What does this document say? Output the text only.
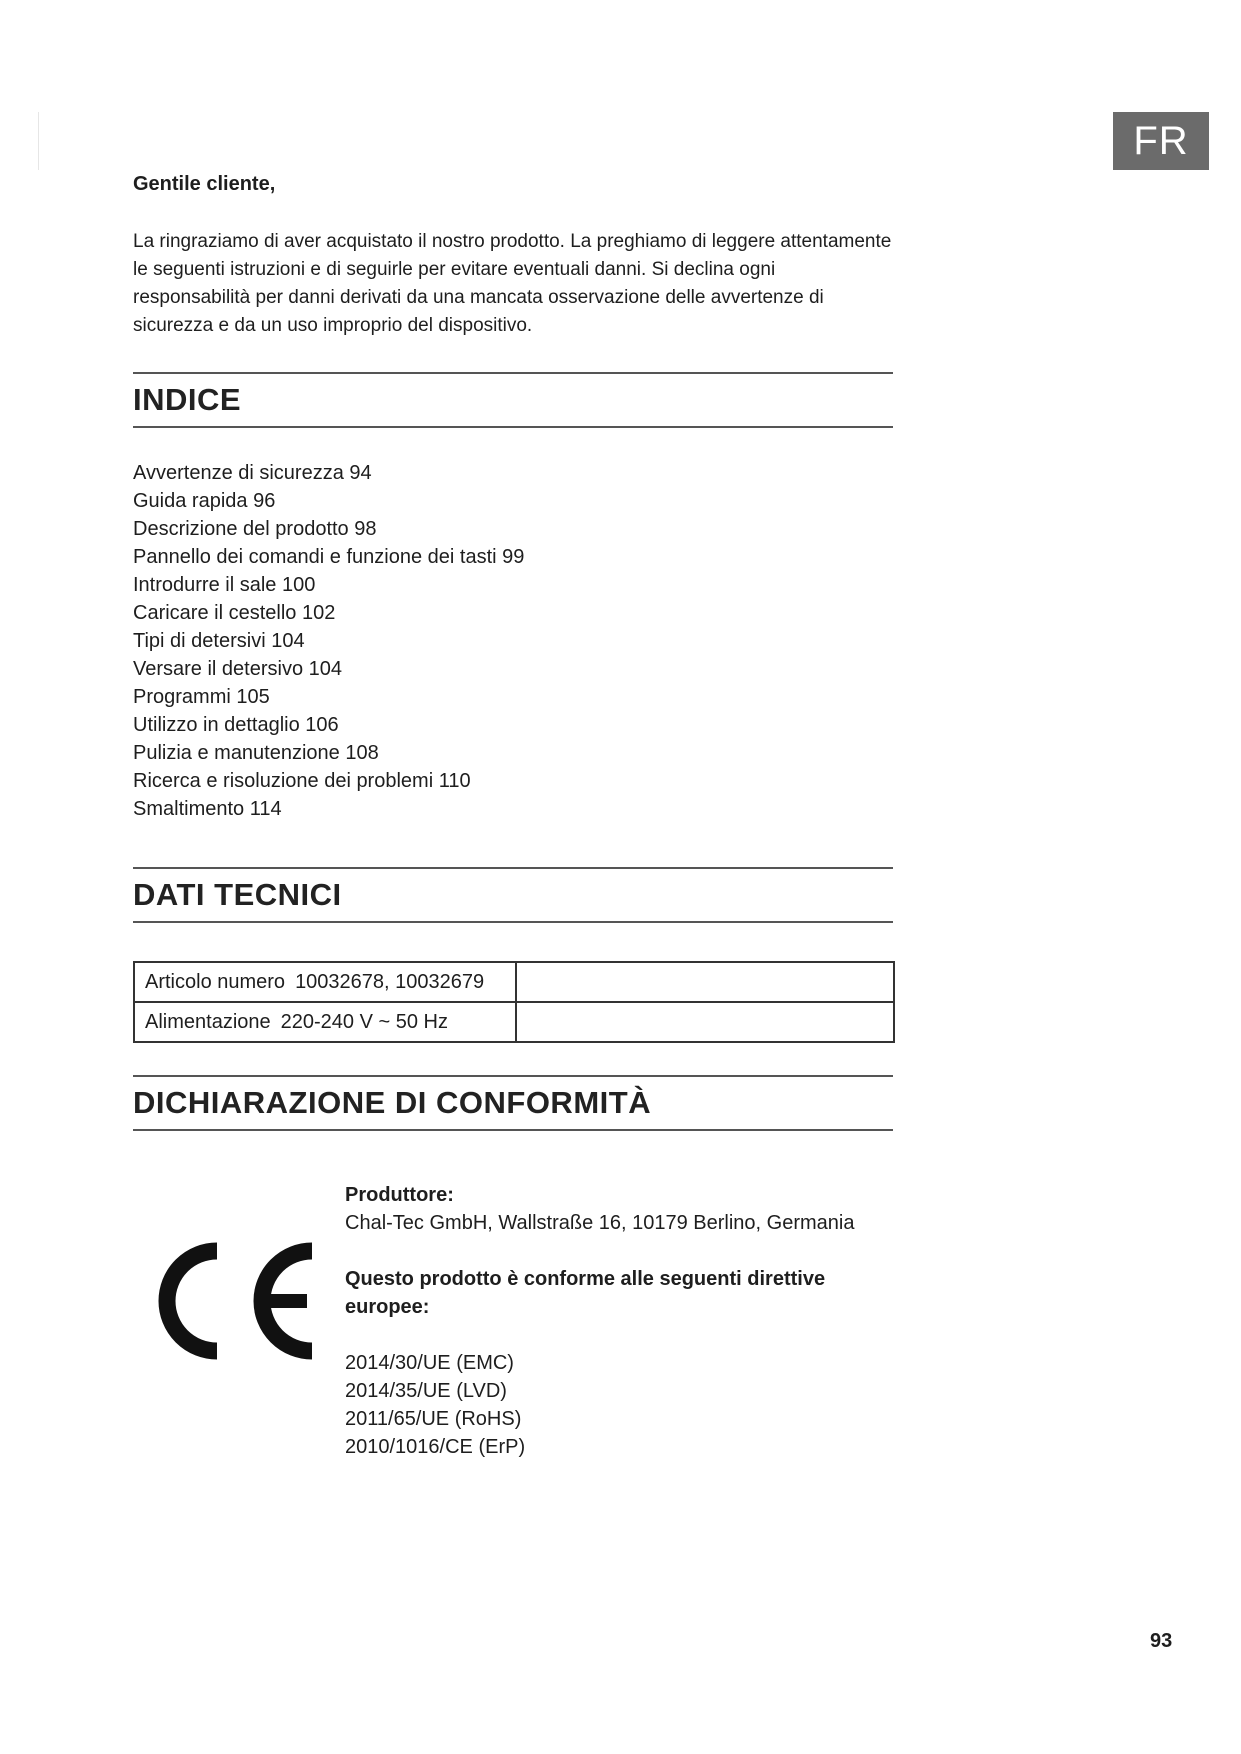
FR

Gentile cliente,

La ringraziamo di aver acquistato il nostro prodotto. La preghiamo di leggere attentamente le seguenti istruzioni e di seguirle per evitare eventuali danni. Si declina ogni responsabilità per danni derivati da una mancata osservazione delle avvertenze di sicurezza e da un uso improprio del dispositivo.

INDICE
Avvertenze di sicurezza 94
Guida rapida 96
Descrizione del prodotto 98
Pannello dei comandi e funzione dei tasti 99
Introdurre il sale 100
Caricare il cestello 102
Tipi di detersivi 104
Versare il detersivo 104
Programmi 105
Utilizzo in dettaglio 106
Pulizia e manutenzione 108
Ricerca e risoluzione dei problemi 110
Smaltimento 114
DATI TECNICI
Articolo numero 10032678, 10032679	
Alimentazione 220-240 V ~ 50 Hz	
DICHIARAZIONE DI CONFORMITÀ

Produttore:

Chal-Tec GmbH, Wallstraße 16, 10179 Berlino, Germania

Questo prodotto è conforme alle seguenti direttive europee:

2014/30/UE (EMC)
2014/35/UE (LVD)
2011/65/UE (RoHS)
2010/1016/CE (ErP)
93
